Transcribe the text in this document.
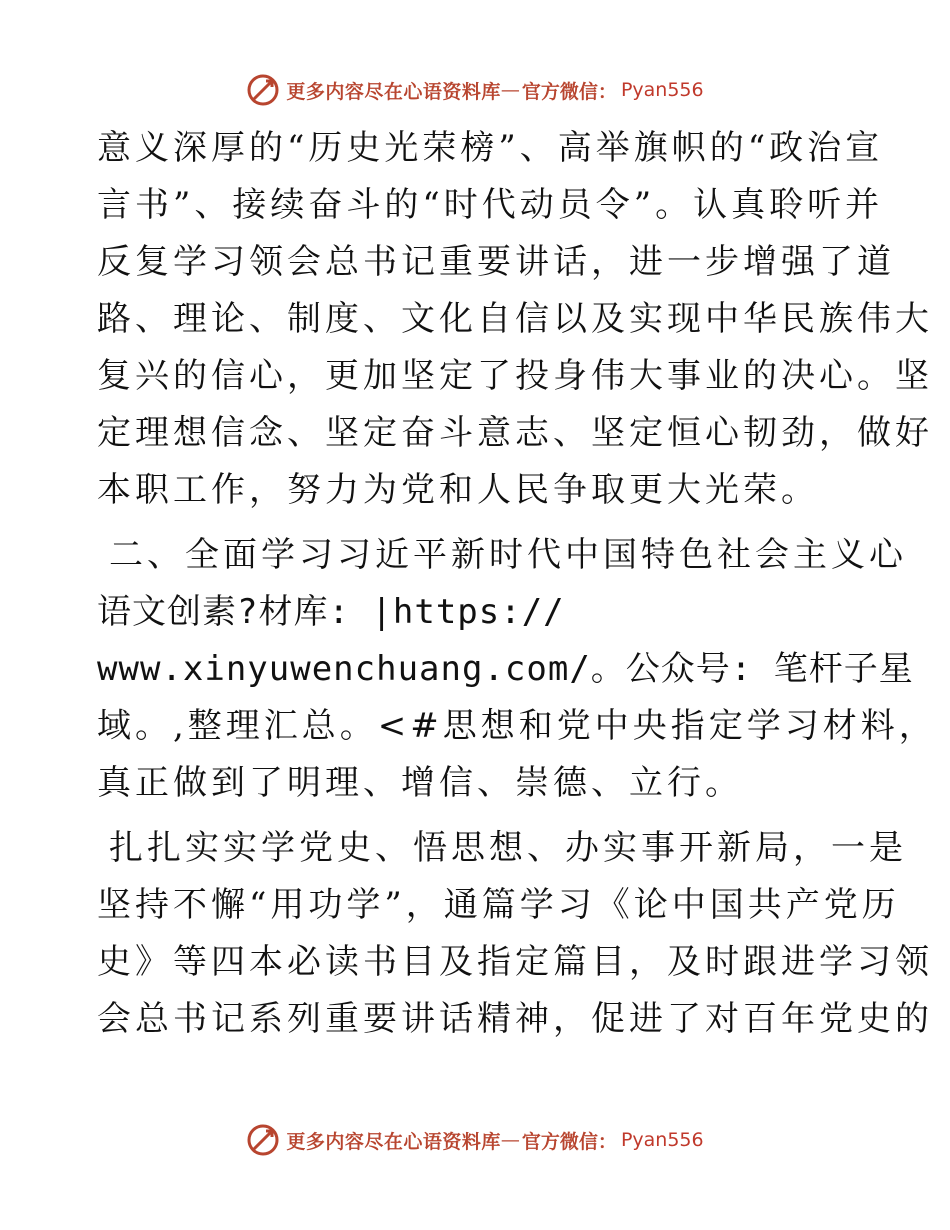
更多内容尽在心语资料库 — 官方微信： Pyan556
意义深厚的“历史光荣榜”、高举旗帜的“政治宣
言书”、接续奋斗的“时代动员令”。认真聆听并
反复学习领会总书记重要讲话，进一步增强了道
路、理论、制度、文化自信以及实现中华民族伟大
复兴的信心，更加坚定了投身伟大事业的决心。坚
定理想信念、坚定奋斗意志、坚定恒心韧劲，做好
本职工作，努力为党和人民争取更大光荣。
二、全面学习习近平新时代中国特色社会主义心
语文创素?材库: |https://
www.xinyuwenchuang.com/。公众号: 笔杆子星
域。,整理汇总。<#思想和党中央指定学习材料，
真正做到了明理、增信、崇德、立行。
扎扎实实学党史、悟思想、办实事开新局，一是
坚持不懈“用功学”，通篇学习《论中国共产党历
史》等四本必读书目及指定篇目，及时跟进学习领
会总书记系列重要讲话精神，促进了对百年党史的
更多内容尽在心语资料库 — 官方微信： Pyan556
